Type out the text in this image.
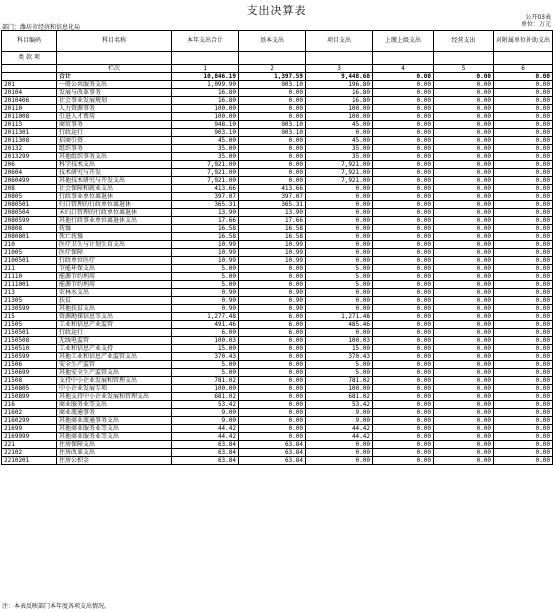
支出决算表
公开03表
单位：万元
部门：潍坊市经济和信息化局
科目编码	科目名称	本年支出合计	基本支出	项目支出	上缴上级支出	经营支出	对附属单位补助支出
类 款 项							
	栏次	1	2	3	4	5	6
	合计	10,846.19	1,397.59	9,448.60	0.00	0.00	0.00
201	一般公共服务支出	1,099.90	903.10	196.80	0.00	0.00	0.00
20104	发展与改革事务	16.80	0.00	16.80	0.00	0.00	0.00
2010406	社会事业发展规划	16.80	0.00	16.80	0.00	0.00	0.00
20110	人力资源事务	100.00	0.00	100.00	0.00	0.00	0.00
2011008	引进人才费用	100.00	0.00	100.00	0.00	0.00	0.00
20113	商贸事务	948.10	903.10	45.00	0.00	0.00	0.00
2011301	行政运行	903.10	903.10	0.00	0.00	0.00	0.00
2011308	招商引资	45.00	0.00	45.00	0.00	0.00	0.00
20132	组织事务	35.00	0.00	35.00	0.00	0.00	0.00
2013299	其他组织事务支出	35.00	0.00	35.00	0.00	0.00	0.00
206	科学技术支出	7,921.00	0.00	7,921.00	0.00	0.00	0.00
20604	技术研究与开发	7,921.00	0.00	7,921.00	0.00	0.00	0.00
2060499	其他技术研究与开发支出	7,921.00	0.00	7,921.00	0.00	0.00	0.00
208	社会保障和就业支出	413.66	413.66	0.00	0.00	0.00	0.00
20805	行政事业单位离退休	397.07	397.07	0.00	0.00	0.00	0.00
2080501	归口管理的行政单位离退休	365.31	365.31	0.00	0.00	0.00	0.00
2080504	未归口管理的行政单位离退休	13.90	13.90	0.00	0.00	0.00	0.00
2080599	其他行政事业单位离退休支出	17.66	17.66	0.00	0.00	0.00	0.00
20808	抚恤	16.58	16.58	0.00	0.00	0.00	0.00
2080801	死亡抚恤	16.58	16.58	0.00	0.00	0.00	0.00
210	医疗卫生与计划生育支出	10.99	10.99	0.00	0.00	0.00	0.00
21005	医疗保障	10.99	10.99	0.00	0.00	0.00	0.00
2100501	行政单位医疗	10.99	10.99	0.00	0.00	0.00	0.00
211	节能环保支出	5.00	0.00	5.00	0.00	0.00	0.00
21110	能源节约利用	5.00	0.00	5.00	0.00	0.00	0.00
2111001	能源节约利用	5.00	0.00	5.00	0.00	0.00	0.00
213	农林水支出	0.90	0.90	0.00	0.00	0.00	0.00
21305	扶贫	0.90	0.90	0.00	0.00	0.00	0.00
2130599	其他扶贫支出	0.90	0.90	0.00	0.00	0.00	0.00
215	资源勘探信息等支出	1,277.48	6.00	1,271.48	0.00	0.00	0.00
21505	工业和信息产业监管	491.46	6.00	485.46	0.00	0.00	0.00
2150501	行政运行	6.00	6.00	0.00	0.00	0.00	0.00
2150508	无线电监管	100.03	0.00	100.03	0.00	0.00	0.00
2150510	工业和信息产业支持	15.00	0.00	15.00	0.00	0.00	0.00
2150599	其他工业和信息产业监管支出	370.43	0.00	370.43	0.00	0.00	0.00
21506	安全生产监管	5.00	0.00	5.00	0.00	0.00	0.00
2150699	其他安全生产监管支出	5.00	0.00	5.00	0.00	0.00	0.00
21508	支持中小企业发展和管理支出	781.02	0.00	781.02	0.00	0.00	0.00
2150805	中小企业发展专项	100.00	0.00	100.00	0.00	0.00	0.00
2150899	其他支持中小企业发展和管理支出	681.02	0.00	681.02	0.00	0.00	0.00
216	商业服务业等支出	53.42	0.00	53.42	0.00	0.00	0.00
21602	商业流通事务	9.00	0.00	9.00	0.00	0.00	0.00
2160299	其他商业流通事务支出	9.00	0.00	9.00	0.00	0.00	0.00
21699	其他商业服务业等支出	44.42	0.00	44.42	0.00	0.00	0.00
2169999	其他商业服务业等支出	44.42	0.00	44.42	0.00	0.00	0.00
221	住房保障支出	63.84	63.84	0.00	0.00	0.00	0.00
22102	住房改革支出	63.84	63.84	0.00	0.00	0.00	0.00
2210201	住房公积金	63.84	63.84	0.00	0.00	0.00	0.00
注：本表反映部门本年度各项支出情况。
